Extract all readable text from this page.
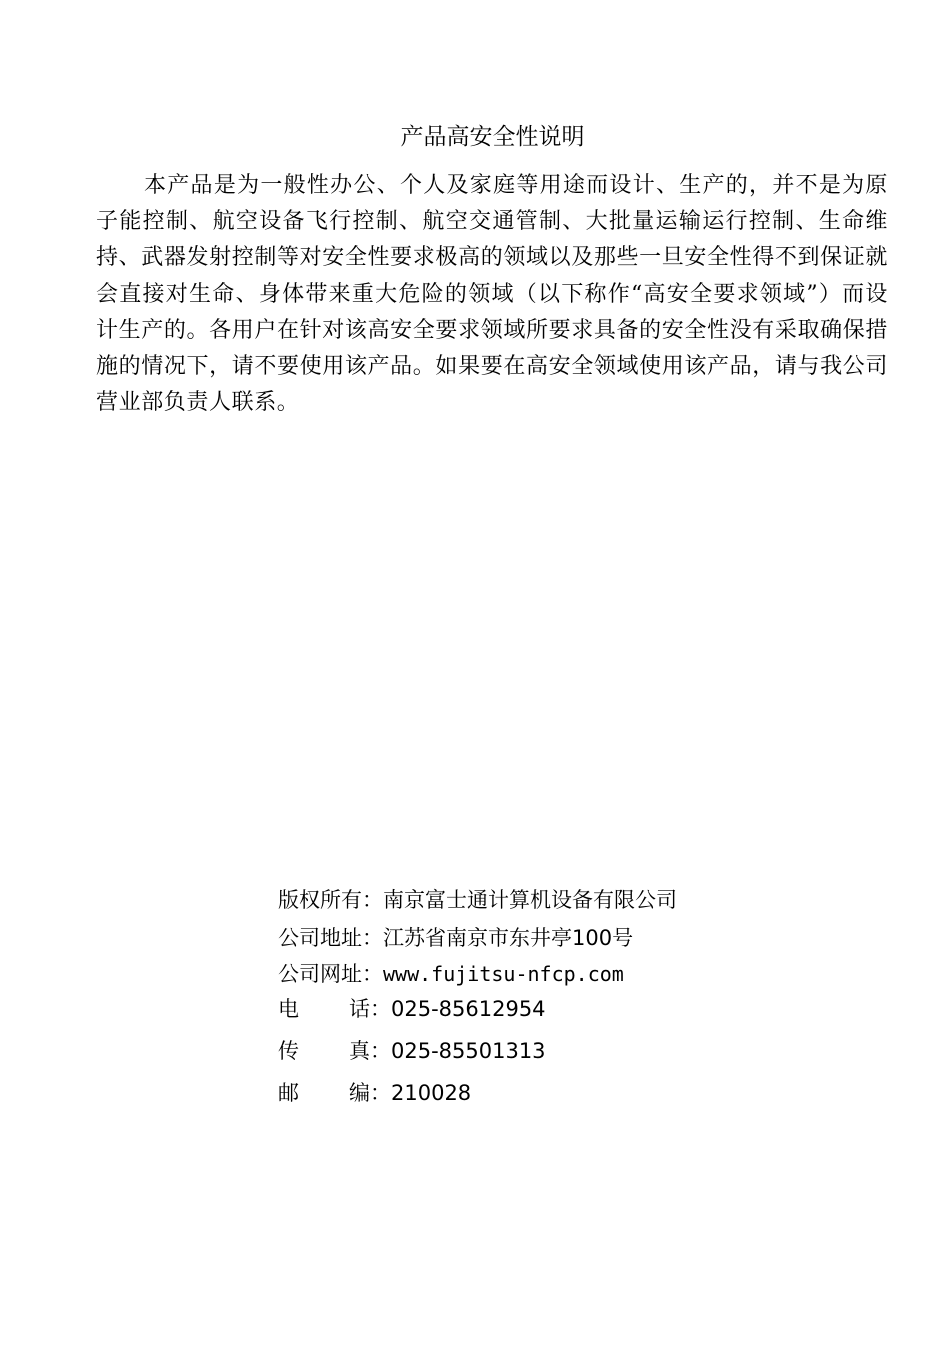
产品高安全性说明

本产品是为一般性办公、个人及家庭等用途而设计、生产的，并不是为原子能控制、航空设备飞行控制、航空交通管制、大批量运输运行控制、生命维持、武器发射控制等对安全性要求极高的领域以及那些一旦安全性得不到保证就会直接对生命、身体带来重大危险的领域（以下称作“高安全要求领域”）而设计生产的。各用户在针对该高安全要求领域所要求具备的安全性没有采取确保措施的情况下，请不要使用该产品。如果要在高安全领域使用该产品，请与我公司营业部负责人联系。

版权所有：南京富士通计算机设备有限公司
公司地址：江苏省南京市东井亭100号
公司网址：www.fujitsu-nfcp.com
电 话：025-85612954
传 真：025-85501313
邮 编：210028
